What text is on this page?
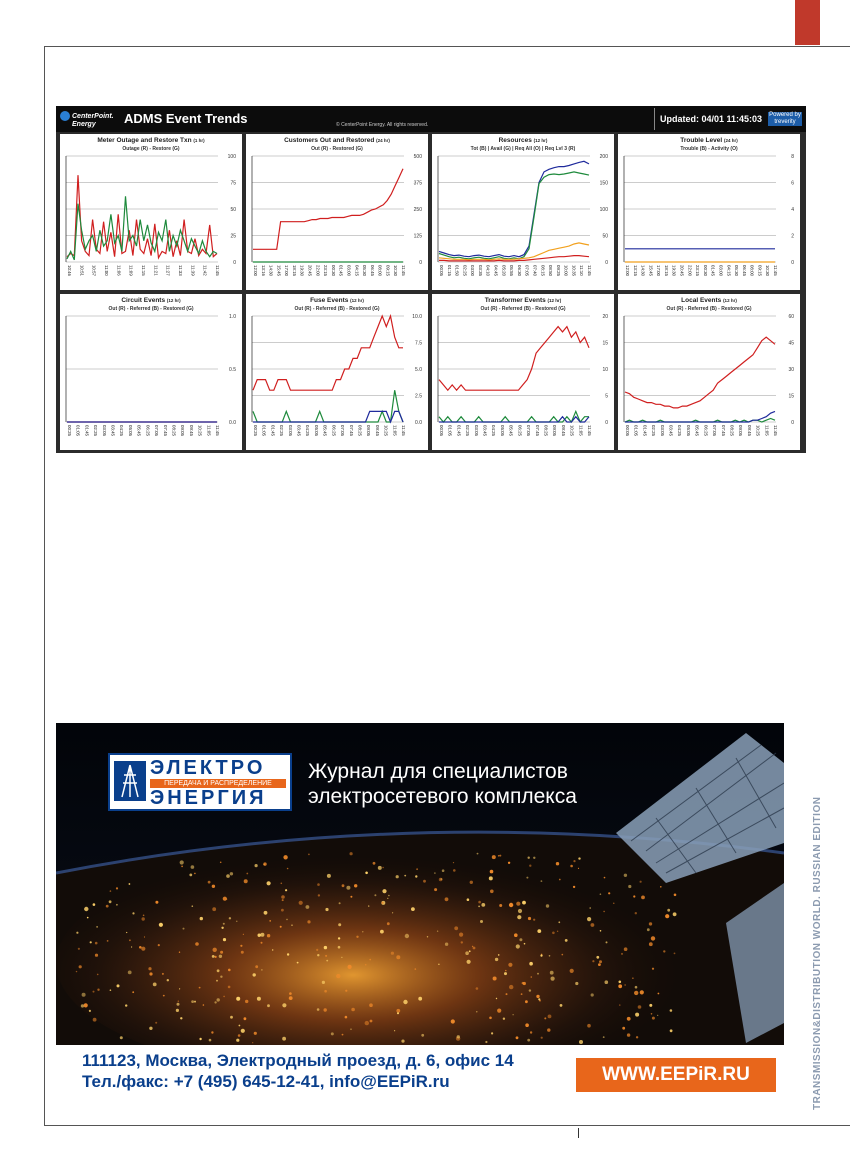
CenterPoint.
Energy	ADMS Event Trends	© CenterPoint Energy. All rights reserved.
Updated: 04/01 11:45:03 Powered by
treverity
Meter Outage and Restore Txn (1 hr)
Outage (R) - Restore (G)
100
75
50
25
0
10:46 10:51 10:57 11:00 11:06 11:09 11:15 11:21 11:27 11:33 11:39 11:42 11:45
Customers Out and Restored (24 hr)
Out (R) - Restored (G)
500
375
250
125
0
12:00 13:16 14:30 15:45 17:00 18:15 19:30 20:45 22:00 23:15 00:30 01:45 03:00 04:15 05:30 06:45 08:00 09:15 10:30 11:45
Resources (12 hr)
Tot (B) | Avail (G) | Req All (O) | Req Lvl 3 (R)
200
150
100
50
0
00:05 01:15 01:50 02:25 03:00 03:35 04:10 04:45 05:20 05:55 06:30 07:05 07:40 08:15 08:50 09:25 10:00 10:35 11:10 11:45
Trouble Level (24 hr)
Trouble (B) - Activity (O)
8
6
4
2
0
12:00 13:15 14:30 15:45 17:00 18:15 19:30 20:45 22:00 23:15 00:30 01:45 03:00 04:15 05:30 06:45 08:00 09:15 10:30 11:45
Circuit Events (12 hr)
Out (R) - Referred (B) - Restored (G)
1.0
0.5
0.0
00:25 01:05 01:45 02:25 03:05 03:45 04:25 05:05 05:45 06:25 07:05 07:45 08:25 09:05 09:45 10:25 11:05 11:45
Fuse Events (12 hr)
Out (R) - Referred (B) - Restored (G)
10.0
7.5
5.0
2.5
0.0
00:25 01:05 01:45 02:25 03:05 03:45 04:25 05:05 05:45 06:25 07:05 07:45 08:25 09:05 09:45 10:25 11:05 11:45
Transformer Events (12 hr)
Out (R) - Referred (B) - Restored (G)
20
15
10
5
0
00:05 01:05 01:45 02:25 03:05 03:45 04:25 05:05 05:45 06:25 07:05 07:45 08:25 09:05 09:45 10:25 11:05 11:45
Local Events (12 hr)
Out (R) - Referred (B) - Restored (G)
60
45
30
15
0
00:05 01:05 01:45 02:25 03:05 03:45 04:25 05:05 05:45 06:25 07:05 07:45 08:25 09:05 09:45 10:25 11:05 11:45
ЭЛЕКТРО
ПЕРЕДАЧА И РАСПРЕДЕЛЕНИЕ
ЭНЕРГИЯ
Журнал для специалистов
электросетевого комплекса
111123, Москва, Электродный проезд, д. 6, офис 14
Тел./факс: +7 (495) 645-12-41, info@EEPiR.ru	WWW.EEPiR.RU	TRANSMISSION&DISTRIBUTION WORLD. RUSSIAN EDITION
